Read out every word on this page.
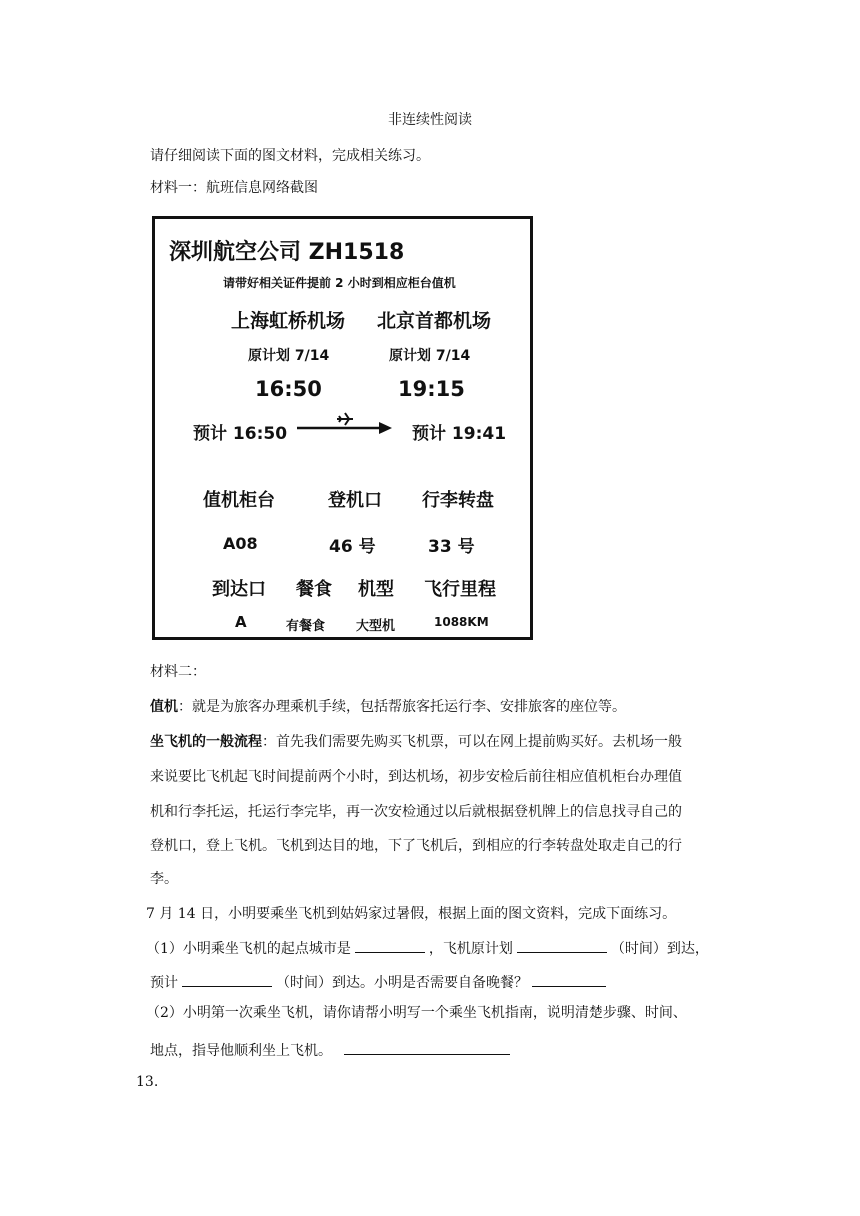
非连续性阅读
请仔细阅读下面的图文材料，完成相关练习。
材料一：航班信息网络截图
深圳航空公司 ZH1518
请带好相关证件提前 2 小时到相应柜台值机
上海虹桥机场 北京首都机场
原计划 7/14	原计划 7/14
16:50	19:15
预计 16:50	预计 19:41
值机柜台	登机口 行李转盘
A08	46 号	33 号
到达口 餐食 机型 飞行里程
A	有餐食 大型机	1088KM
材料二：
值机：就是为旅客办理乘机手续，包括帮旅客托运行李、安排旅客的座位等。
坐飞机的一般流程：首先我们需要先购买飞机票，可以在网上提前购买好。去机场一般
来说要比飞机起飞时间提前两个小时，到达机场，初步安检后前往相应值机柜台办理值
机和行李托运，托运行李完毕，再一次安检通过以后就根据登机牌上的信息找寻自己的
登机口，登上飞机。飞机到达目的地，下了飞机后，到相应的行李转盘处取走自己的行
李。
7 月 14 日，小明要乘坐飞机到姑妈家过暑假，根据上面的图文资料，完成下面练习。
（1）小明乘坐飞机的起点城市是	，飞机原计划	（时间）到达，
预计	（时间）到达。小明是否需要自备晚餐？
（2）小明第一次乘坐飞机，请你请帮小明写一个乘坐飞机指南，说明清楚步骤、时间、
地点，指导他顺利坐上飞机。
13.
